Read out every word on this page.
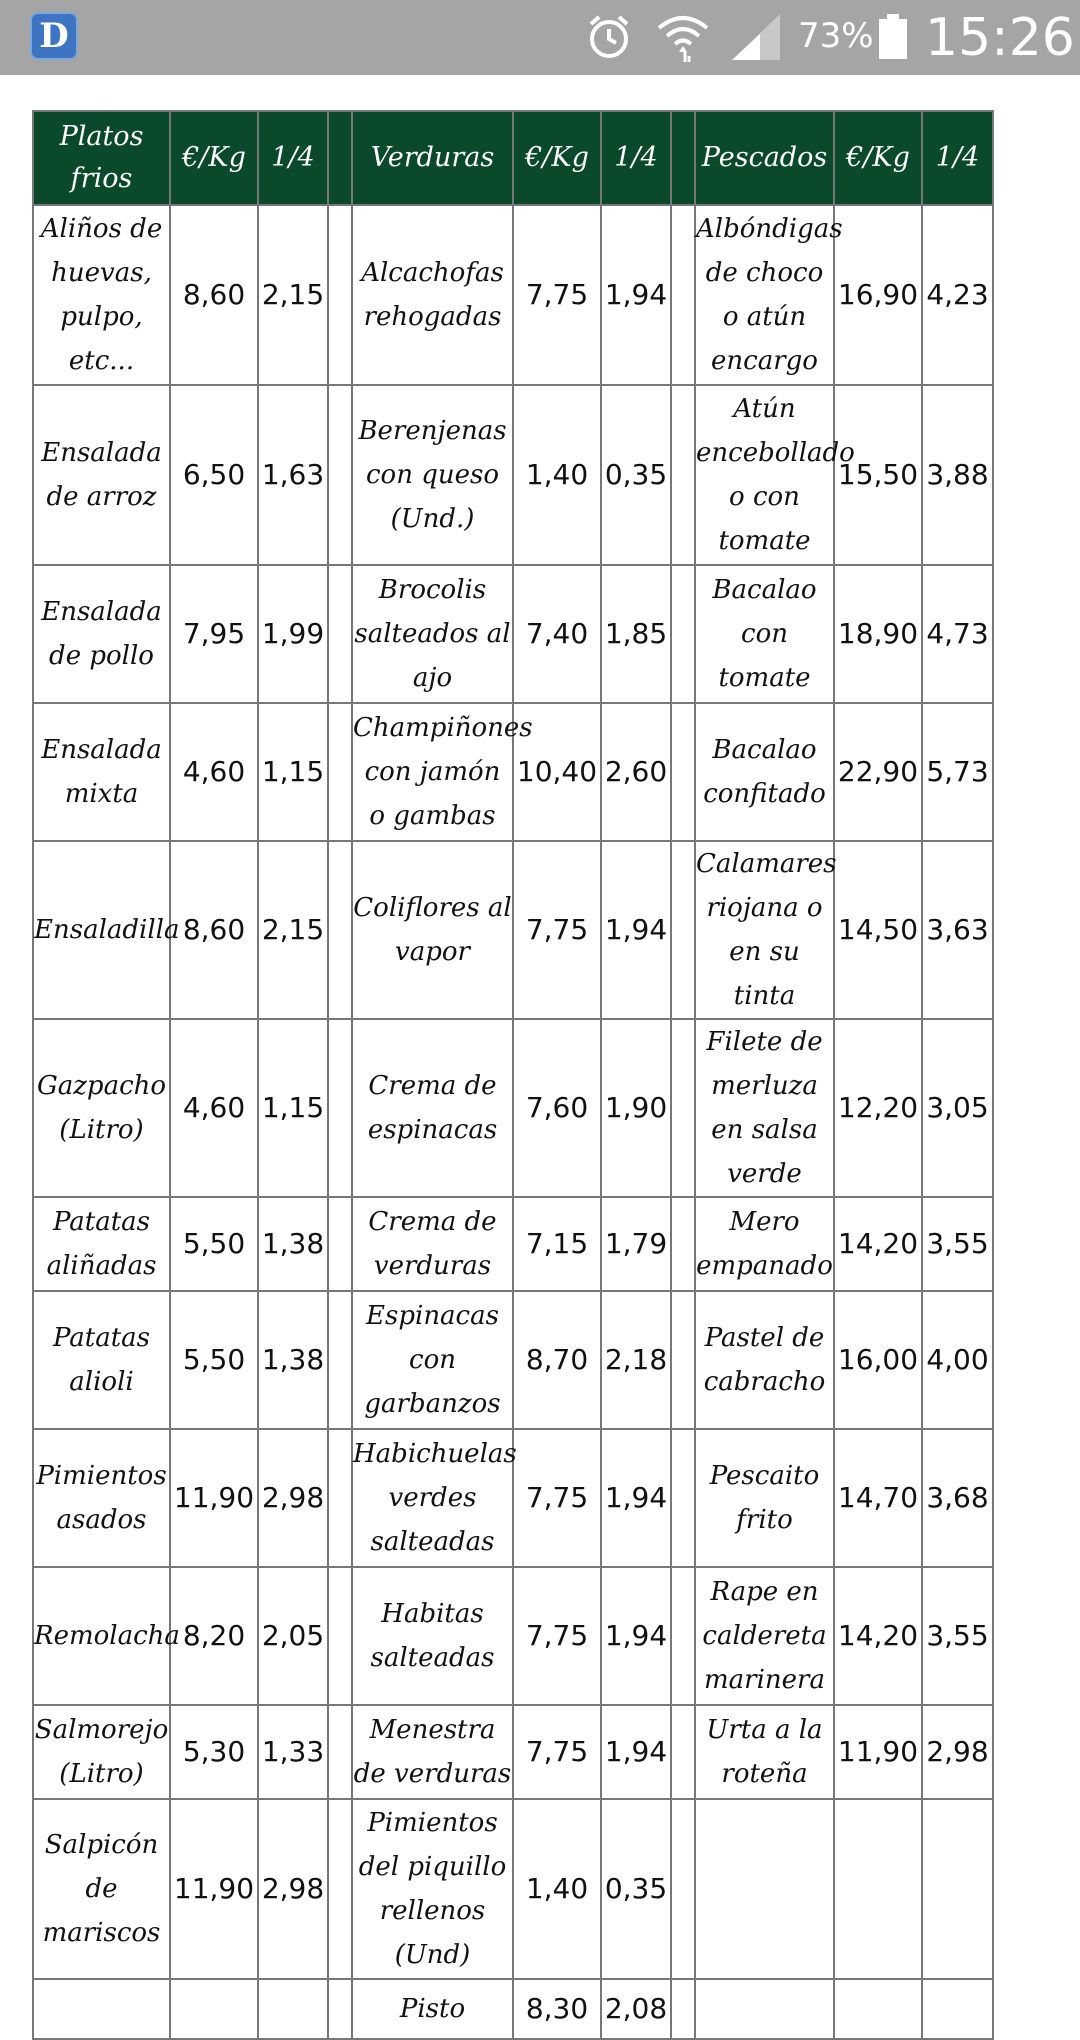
D	73% 15:26
Platos frios	€/Kg	1/4		Verduras	€/Kg	1/4		Pescados	€/Kg	1/4
Aliños de huevas, pulpo, etc...	8,60	2,15		Alcachofas rehogadas	7,75	1,94		Albóndigas de choco o atún encargo	16,90	4,23
Ensalada de arroz	6,50	1,63		Berenjenas con queso (Und.)	1,40	0,35		Atún encebollado o con tomate	15,50	3,88
Ensalada de pollo	7,95	1,99		Brocolis salteados al ajo	7,40	1,85		Bacalao con tomate	18,90	4,73
Ensalada mixta	4,60	1,15		Champiñones con jamón o gambas	10,40	2,60		Bacalao confitado	22,90	5,73
Ensaladilla	8,60	2,15		Coliflores al vapor	7,75	1,94		Calamares riojana o en su tinta	14,50	3,63
Gazpacho (Litro)	4,60	1,15		Crema de espinacas	7,60	1,90		Filete de merluza en salsa verde	12,20	3,05
Patatas aliñadas	5,50	1,38		Crema de verduras	7,15	1,79		Mero empanado	14,20	3,55
Patatas alioli	5,50	1,38		Espinacas con garbanzos	8,70	2,18		Pastel de cabracho	16,00	4,00
Pimientos asados	11,90	2,98		Habichuelas verdes salteadas	7,75	1,94		Pescaito frito	14,70	3,68
Remolacha	8,20	2,05		Habitas salteadas	7,75	1,94		Rape en caldereta marinera	14,20	3,55
Salmorejo (Litro)	5,30	1,33		Menestra de verduras	7,75	1,94		Urta a la roteña	11,90	2,98
Salpicón de mariscos	11,90	2,98		Pimientos del piquillo rellenos (Und)	1,40	0,35				
				Pisto	8,30	2,08				
